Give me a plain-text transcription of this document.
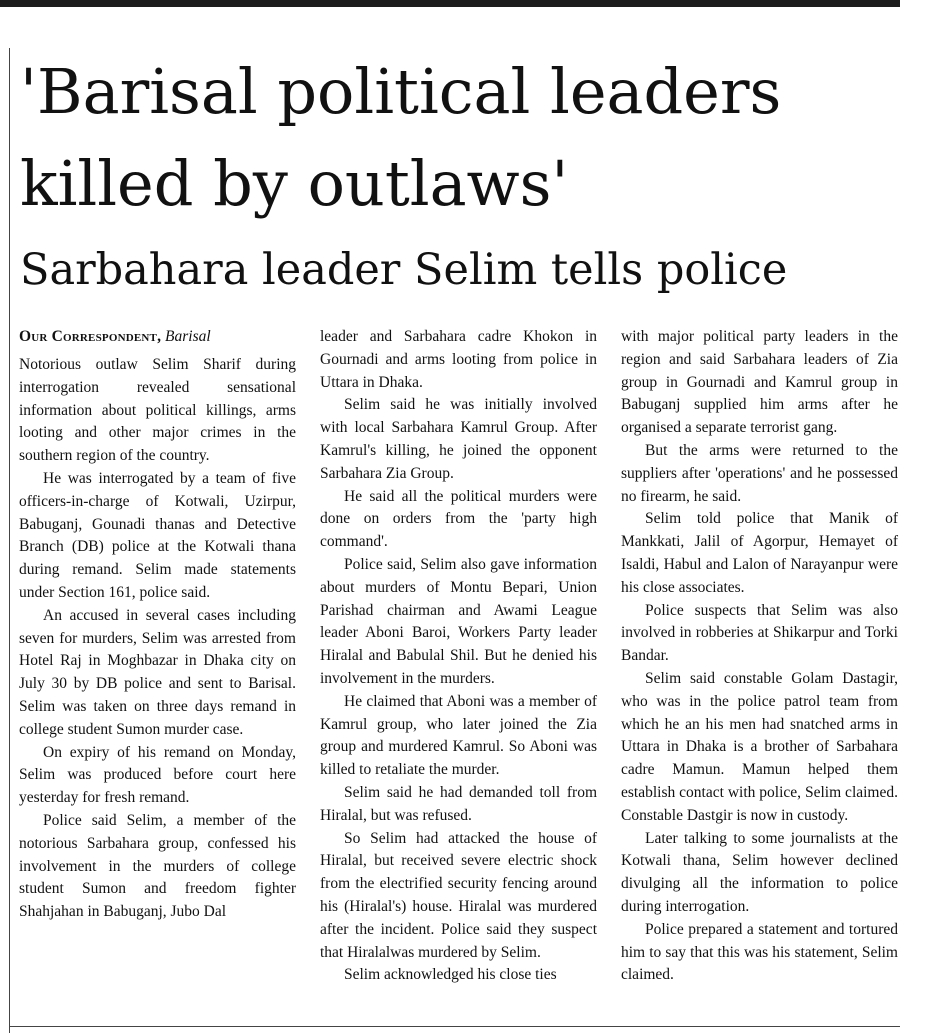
'Barisal political leaders
killed by outlaws'
Sarbahara leader Selim tells police
Our Correspondent, Barisal

Notorious outlaw Selim Sharif during interrogation revealed sensational information about political killings, arms looting and other major crimes in the southern region of the country.

He was interrogated by a team of five officers-in-charge of Kotwali, Uzirpur, Babuganj, Gounadi thanas and Detective Branch (DB) police at the Kotwali thana during remand. Selim made statements under Section 161, police said.

An accused in several cases including seven for murders, Selim was arrested from Hotel Raj in Moghbazar in Dhaka city on July 30 by DB police and sent to Barisal. Selim was taken on three days remand in college student Sumon murder case.

On expiry of his remand on Monday, Selim was produced before court here yesterday for fresh remand.

Police said Selim, a member of the notorious Sarbahara group, confessed his involvement in the murders of college student Sumon and freedom fighter Shahjahan in Babuganj, Jubo Dal

leader and Sarbahara cadre Khokon in Gournadi and arms looting from police in Uttara in Dhaka.

Selim said he was initially involved with local Sarbahara Kamrul Group. After Kamrul's killing, he joined the opponent Sarbahara Zia Group.

He said all the political murders were done on orders from the 'party high command'.

Police said, Selim also gave information about murders of Montu Bepari, Union Parishad chairman and Awami League leader Aboni Baroi, Workers Party leader Hiralal and Babulal Shil. But he denied his involvement in the murders.

He claimed that Aboni was a member of Kamrul group, who later joined the Zia group and murdered Kamrul. So Aboni was killed to retaliate the murder.

Selim said he had demanded toll from Hiralal, but was refused.

So Selim had attacked the house of Hiralal, but received severe electric shock from the electrified security fencing around his (Hiralal's) house. Hiralal was murdered after the incident. Police said they suspect that Hiralalwas murdered by Selim.

Selim acknowledged his close ties

with major political party leaders in the region and said Sarbahara leaders of Zia group in Gournadi and Kamrul group in Babuganj supplied him arms after he organised a separate terrorist gang.

But the arms were returned to the suppliers after 'operations' and he possessed no firearm, he said.

Selim told police that Manik of Mankkati, Jalil of Agorpur, Hemayet of Isaldi, Habul and Lalon of Narayanpur were his close associates.

Police suspects that Selim was also involved in robberies at Shikarpur and Torki Bandar.

Selim said constable Golam Dastagir, who was in the police patrol team from which he an his men had snatched arms in Uttara in Dhaka is a brother of Sarbahara cadre Mamun. Mamun helped them establish contact with police, Selim claimed. Constable Dastgir is now in custody.

Later talking to some journalists at the Kotwali thana, Selim however declined divulging all the information to police during interrogation.

Police prepared a statement and tortured him to say that this was his statement, Selim claimed.
